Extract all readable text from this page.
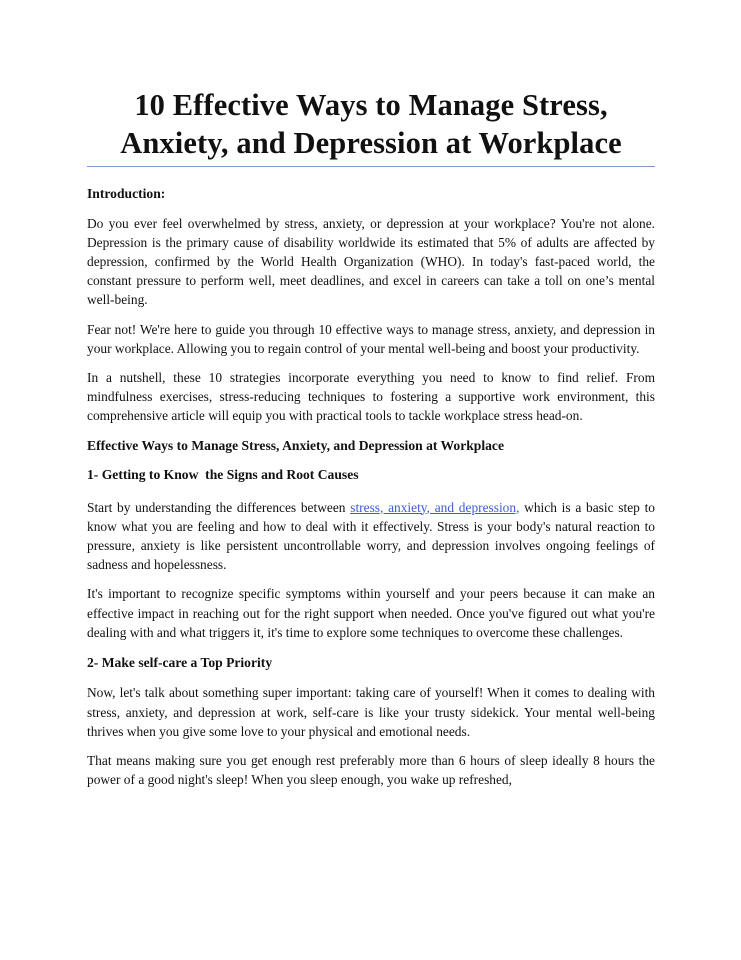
10 Effective Ways to Manage Stress,
Anxiety, and Depression at Workplace
Introduction:

Do you ever feel overwhelmed by stress, anxiety, or depression at your workplace? You're not alone. Depression is the primary cause of disability worldwide its estimated that 5% of adults are affected by depression, confirmed by the World Health Organization (WHO). In today's fast-paced world, the constant pressure to perform well, meet deadlines, and excel in careers can take a toll on one’s mental well-being.

Fear not! We're here to guide you through 10 effective ways to manage stress, anxiety, and depression in your workplace. Allowing you to regain control of your mental well-being and boost your productivity.

In a nutshell, these 10 strategies incorporate everything you need to know to find relief. From mindfulness exercises, stress-reducing techniques to fostering a supportive work environment, this comprehensive article will equip you with practical tools to tackle workplace stress head-on.

Effective Ways to Manage Stress, Anxiety, and Depression at Workplace
1- Getting to Know  the Signs and Root Causes

Start by understanding the differences between stress, anxiety, and depression, which is a basic step to know what you are feeling and how to deal with it effectively. Stress is your body's natural reaction to pressure, anxiety is like persistent uncontrollable worry, and depression involves ongoing feelings of sadness and hopelessness.

It's important to recognize specific symptoms within yourself and your peers because it can make an effective impact in reaching out for the right support when needed. Once you've figured out what you're dealing with and what triggers it, it's time to explore some techniques to overcome these challenges.

2- Make self-care a Top Priority

Now, let's talk about something super important: taking care of yourself! When it comes to dealing with stress, anxiety, and depression at work, self-care is like your trusty sidekick. Your mental well-being thrives when you give some love to your physical and emotional needs.

That means making sure you get enough rest preferably more than 6 hours of sleep ideally 8 hours the power of a good night's sleep! When you sleep enough, you wake up refreshed,
